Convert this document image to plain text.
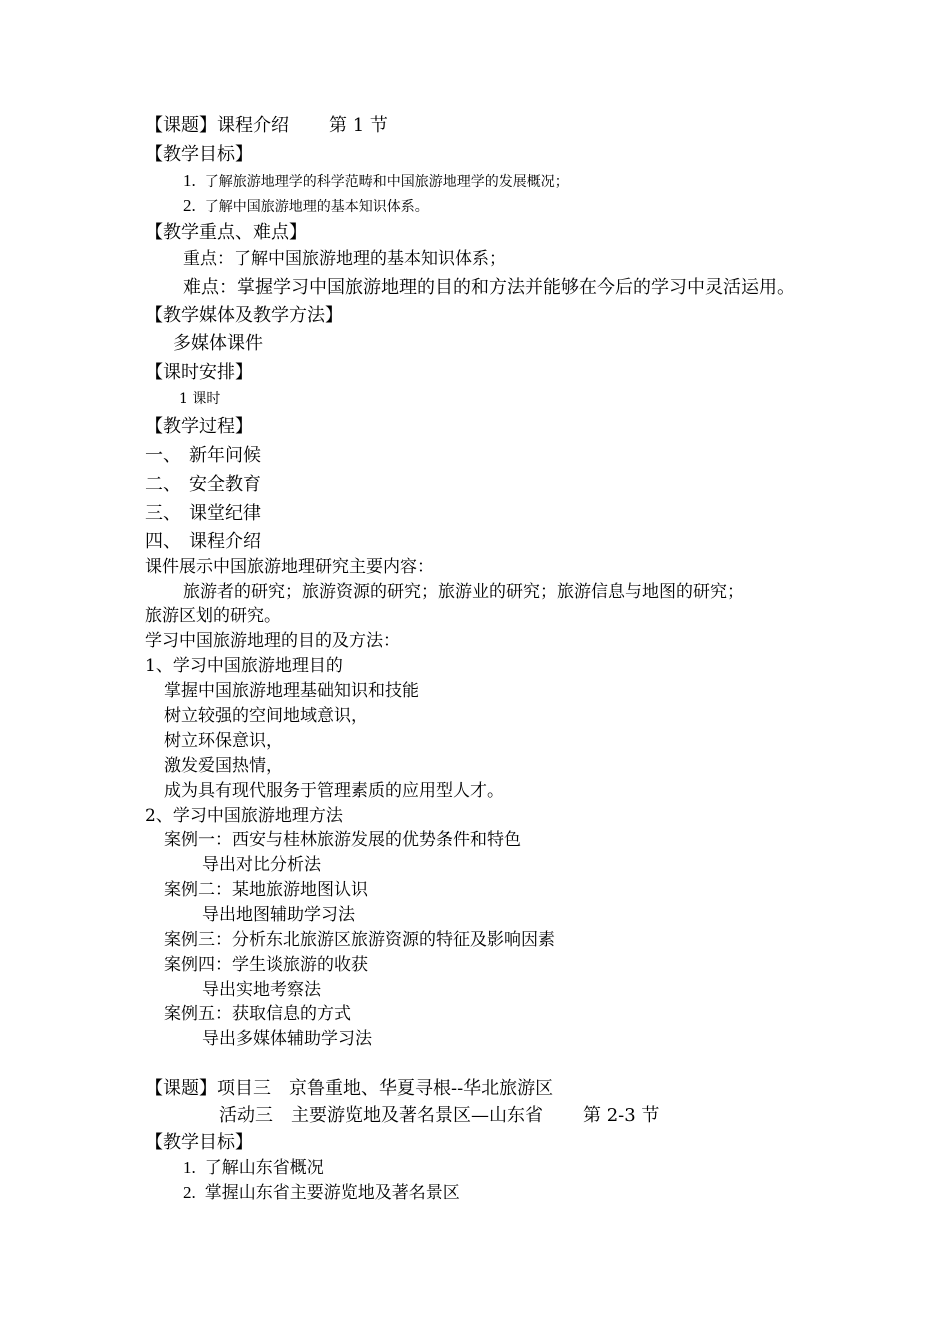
【课题】课程介绍 第 1 节
【教学目标】
1. 了解旅游地理学的科学范畴和中国旅游地理学的发展概况；
2. 了解中国旅游地理的基本知识体系。
【教学重点、难点】
重点：了解中国旅游地理的基本知识体系；
难点：掌握学习中国旅游地理的目的和方法并能够在今后的学习中灵活运用。
【教学媒体及教学方法】
多媒体课件
【课时安排】
1 课时
【教学过程】
一、 新年问候
二、 安全教育
三、 课堂纪律
四、 课程介绍
课件展示中国旅游地理研究主要内容：
旅游者的研究；旅游资源的研究；旅游业的研究；旅游信息与地图的研究；
旅游区划的研究。
学习中国旅游地理的目的及方法：
1、学习中国旅游地理目的
掌握中国旅游地理基础知识和技能
树立较强的空间地域意识，
树立环保意识，
激发爱国热情，
成为具有现代服务于管理素质的应用型人才。
2、学习中国旅游地理方法
案例一：西安与桂林旅游发展的优势条件和特色
导出对比分析法
案例二：某地旅游地图认识
导出地图辅助学习法
案例三：分析东北旅游区旅游资源的特征及影响因素
案例四：学生谈旅游的收获
导出实地考察法
案例五：获取信息的方式
导出多媒体辅助学习法
【课题】项目三　京鲁重地、华夏寻根--华北旅游区
活动三　主要游览地及著名景区—山东省 第 2-3 节
【教学目标】
1. 了解山东省概况
2. 掌握山东省主要游览地及著名景区
